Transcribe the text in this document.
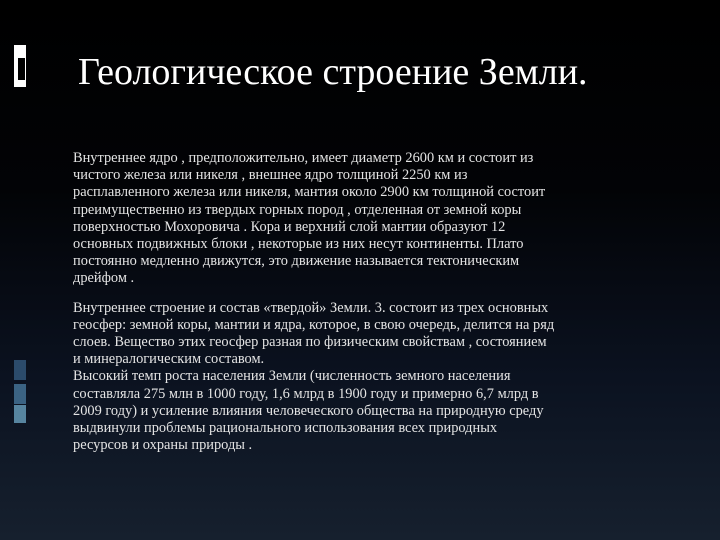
Геологическое строение Земли.

Внутреннее ядро , предположительно, имеет диаметр 2600 км и состоит из
чистого железа или никеля , внешнее ядро толщиной 2250 км из
расплавленного железа или никеля, мантия около 2900 км толщиной состоит
преимущественно из твердых горных пород , отделенная от земной коры
поверхностью Мохоровича . Кора и верхний слой мантии образуют 12
основных подвижных блоки , некоторые из них несут континенты. Плато
постоянно медленно движутся, это движение называется тектоническим
дрейфом .

Внутреннее строение и состав «твердой» Земли. 3. состоит из трех основных
геосфер: земной коры, мантии и ядра, которое, в свою очередь, делится на ряд
слоев. Вещество этих геосфер разная по физическим свойствам , состоянием
и минералогическим составом.

Высокий темп роста населения Земли (численность земного населения
составляла 275 млн в 1000 году, 1,6 млрд в 1900 году и примерно 6,7 млрд в
2009 году) и усиление влияния человеческого общества на природную среду
выдвинули проблемы рационального использования всех природных
ресурсов и охраны природы .
